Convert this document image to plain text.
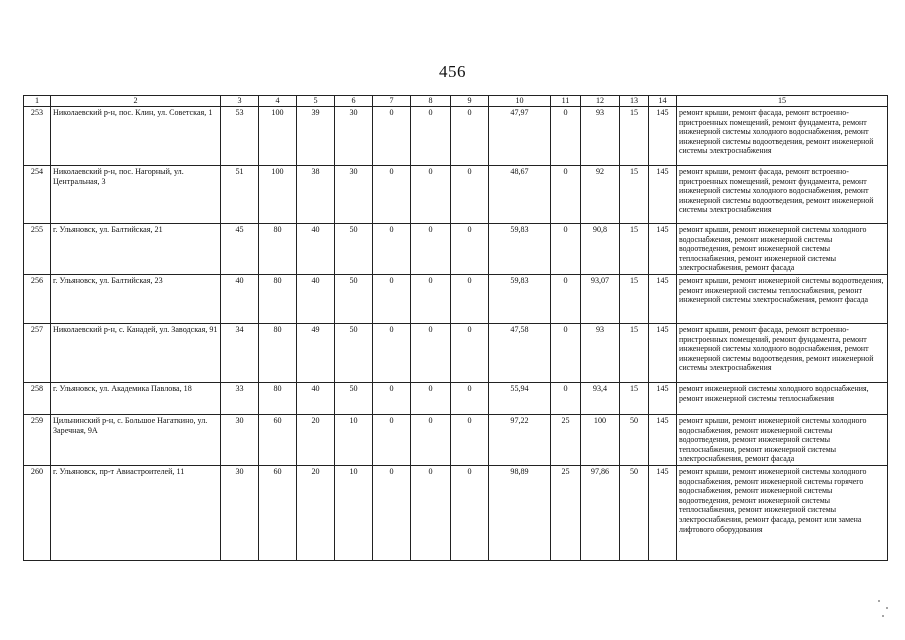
456
1	2	3	4	5	6	7	8	9	10	11	12	13	14	15
253	Николаевский р-н, пос. Клин, ул. Советская, 1	53	100	39	30	0	0	0	47,97	0	93	15	145	ремонт крыши, ремонт фасада, ремонт встроенно-пристроенных помещений, ремонт фундамента, ремонт инженерной системы холодного водоснабжения, ремонт инженерной системы водоотведения, ремонт инженерной системы электроснабжения
254	Николаевский р-н, пос. Нагорный, ул. Центральная, 3	51	100	38	30	0	0	0	48,67	0	92	15	145	ремонт крыши, ремонт фасада, ремонт встроенно-пристроенных помещений, ремонт фундамента, ремонт инженерной системы холодного водоснабжения, ремонт инженерной системы водоотведения, ремонт инженерной системы электроснабжения
255	г. Ульяновск, ул. Балтийская, 21	45	80	40	50	0	0	0	59,83	0	90,8	15	145	ремонт крыши, ремонт инженерной системы холодного водоснабжения, ремонт инженерной системы водоотведения, ремонт инженерной системы теплоснабжения, ремонт инженерной системы электроснабжения, ремонт фасада
256	г. Ульяновск, ул. Балтийская, 23	40	80	40	50	0	0	0	59,83	0	93,07	15	145	ремонт крыши, ремонт инженерной системы водоотведения, ремонт инженерной системы теплоснабжения, ремонт инженерной системы электроснабжения, ремонт фасада
257	Николаевский р-н, с. Канадей, ул. Заводская, 91	34	80	49	50	0	0	0	47,58	0	93	15	145	ремонт крыши, ремонт фасада, ремонт встроенно-пристроенных помещений, ремонт фундамента, ремонт инженерной системы холодного водоснабжения, ремонт инженерной системы водоотведения, ремонт инженерной системы электроснабжения
258	г. Ульяновск, ул. Академика Павлова, 18	33	80	40	50	0	0	0	55,94	0	93,4	15	145	ремонт инженерной системы холодного водоснабжения, ремонт инженерной системы теплоснабжения
259	Цильнинский р-н, с. Большое Нагаткино, ул. Заречная, 9А	30	60	20	10	0	0	0	97,22	25	100	50	145	ремонт крыши, ремонт инженерной системы холодного водоснабжения, ремонт инженерной системы водоотведения, ремонт инженерной системы теплоснабжения, ремонт инженерной системы электроснабжения, ремонт фасада
260	г. Ульяновск, пр-т Авиастроителей, 11	30	60	20	10	0	0	0	98,89	25	97,86	50	145	ремонт крыши, ремонт инженерной системы холодного водоснабжения, ремонт инженерной системы горячего водоснабжения, ремонт инженерной системы водоотведения, ремонт инженерной системы теплоснабжения, ремонт инженерной системы электроснабжения, ремонт фасада, ремонт или замена лифтового оборудования
